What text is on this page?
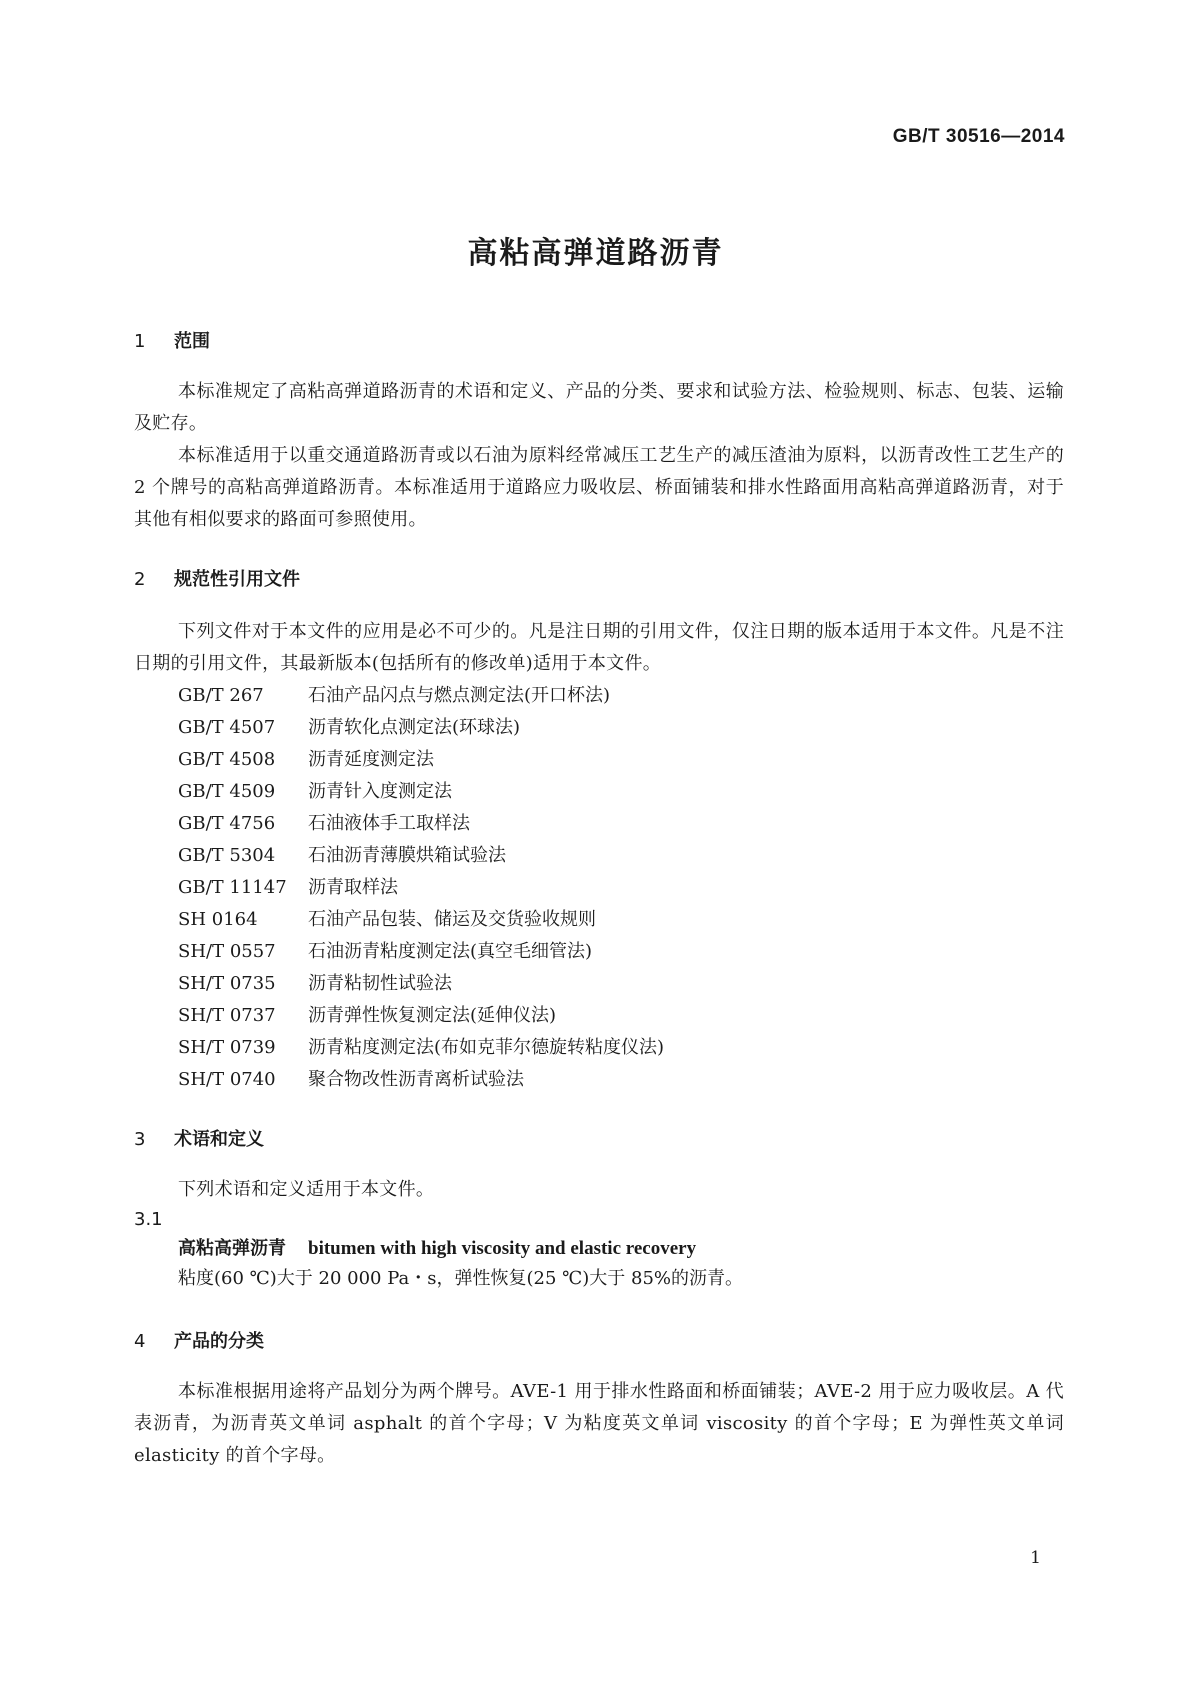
GB/T 30516—2014
高粘高弹道路沥青
1 范围

本标准规定了高粘高弹道路沥青的术语和定义、产品的分类、要求和试验方法、检验规则、标志、包装、运输及贮存。

本标准适用于以重交通道路沥青或以石油为原料经常减压工艺生产的减压渣油为原料，以沥青改性工艺生产的 2 个牌号的高粘高弹道路沥青。本标准适用于道路应力吸收层、桥面铺装和排水性路面用高粘高弹道路沥青，对于其他有相似要求的路面可参照使用。

2 规范性引用文件

下列文件对于本文件的应用是必不可少的。凡是注日期的引用文件，仅注日期的版本适用于本文件。凡是不注日期的引用文件，其最新版本(包括所有的修改单)适用于本文件。

GB/T 267 石油产品闪点与燃点测定法(开口杯法)
GB/T 4507 沥青软化点测定法(环球法)
GB/T 4508 沥青延度测定法
GB/T 4509 沥青针入度测定法
GB/T 4756 石油液体手工取样法
GB/T 5304 石油沥青薄膜烘箱试验法
GB/T 11147 沥青取样法
SH 0164	石油产品包装、储运及交货验收规则
SH/T 0557 石油沥青粘度测定法(真空毛细管法)
SH/T 0735 沥青粘韧性试验法
SH/T 0737 沥青弹性恢复测定法(延伸仪法)
SH/T 0739 沥青粘度测定法(布如克菲尔德旋转粘度仪法)
SH/T 0740 聚合物改性沥青离析试验法
3 术语和定义

下列术语和定义适用于本文件。

3.1
高粘高弹沥青 bitumen with high viscosity and elastic recovery
粘度(60 ℃)大于 20 000 Pa・s，弹性恢复(25 ℃)大于 85%的沥青。
4 产品的分类

本标准根据用途将产品划分为两个牌号。AVE-1 用于排水性路面和桥面铺装；AVE-2 用于应力吸收层。A 代表沥青，为沥青英文单词 asphalt 的首个字母；V 为粘度英文单词 viscosity 的首个字母；E 为弹性英文单词 elasticity 的首个字母。

1
